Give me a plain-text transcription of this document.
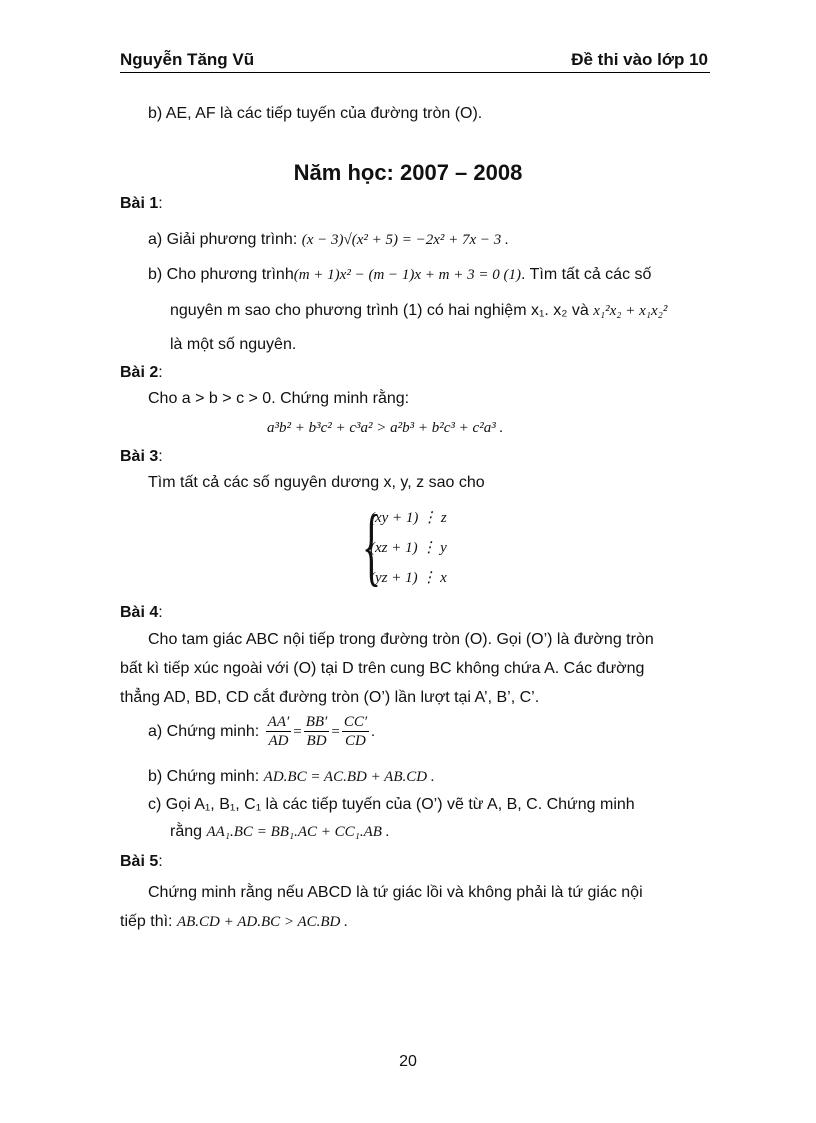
Nguyễn Tăng Vũ	Đề thi vào lớp 10
b) AE, AF là các tiếp tuyến của đường tròn (O).
Năm học: 2007 – 2008
Bài 1:
a) Giải phương trình: (x − 3)√(x² + 5) = −2x² + 7x − 3 .
b) Cho phương trình(m + 1)x² − (m − 1)x + m + 3 = 0 (1). Tìm tất cả các số
nguyên m sao cho phương trình (1) có hai nghiệm x₁. x₂ và x₁²x₂ + x₁x₂²
là một số nguyên.
Bài 2:
Cho a > b > c > 0. Chứng minh rằng:
a³b² + b³c² + c³a² > a²b³ + b²c³ + c²a³ .
Bài 3:
Tìm tất cả các số nguyên dương x, y, z sao cho
{
(xy + 1) ⋮ z
(xz + 1) ⋮ y
(yz + 1) ⋮ x
Bài 4:
Cho tam giác ABC nội tiếp trong đường tròn (O). Gọi (O’) là đường tròn
bất kì tiếp xúc ngoài với (O) tại D trên cung BC không chứa A. Các đường
thẳng AD, BD, CD cắt đường tròn (O’) lần lượt tại A’, B’, C’.
a) Chứng minh: $\frac{AA'}{AD} = \frac{BB'}{BD} = \frac{CC'}{CD}$ .
b) Chứng minh: AD.BC = AC.BD + AB.CD .
c) Gọi A₁, B₁, C₁ là các tiếp tuyến của (O’) vẽ từ A, B, C. Chứng minh
rằng AA₁.BC = BB₁.AC + CC₁.AB .
Bài 5:
Chứng minh rằng nếu ABCD là tứ giác lồi và không phải là tứ giác nội
tiếp thì: AB.CD + AD.BC > AC.BD .
20
